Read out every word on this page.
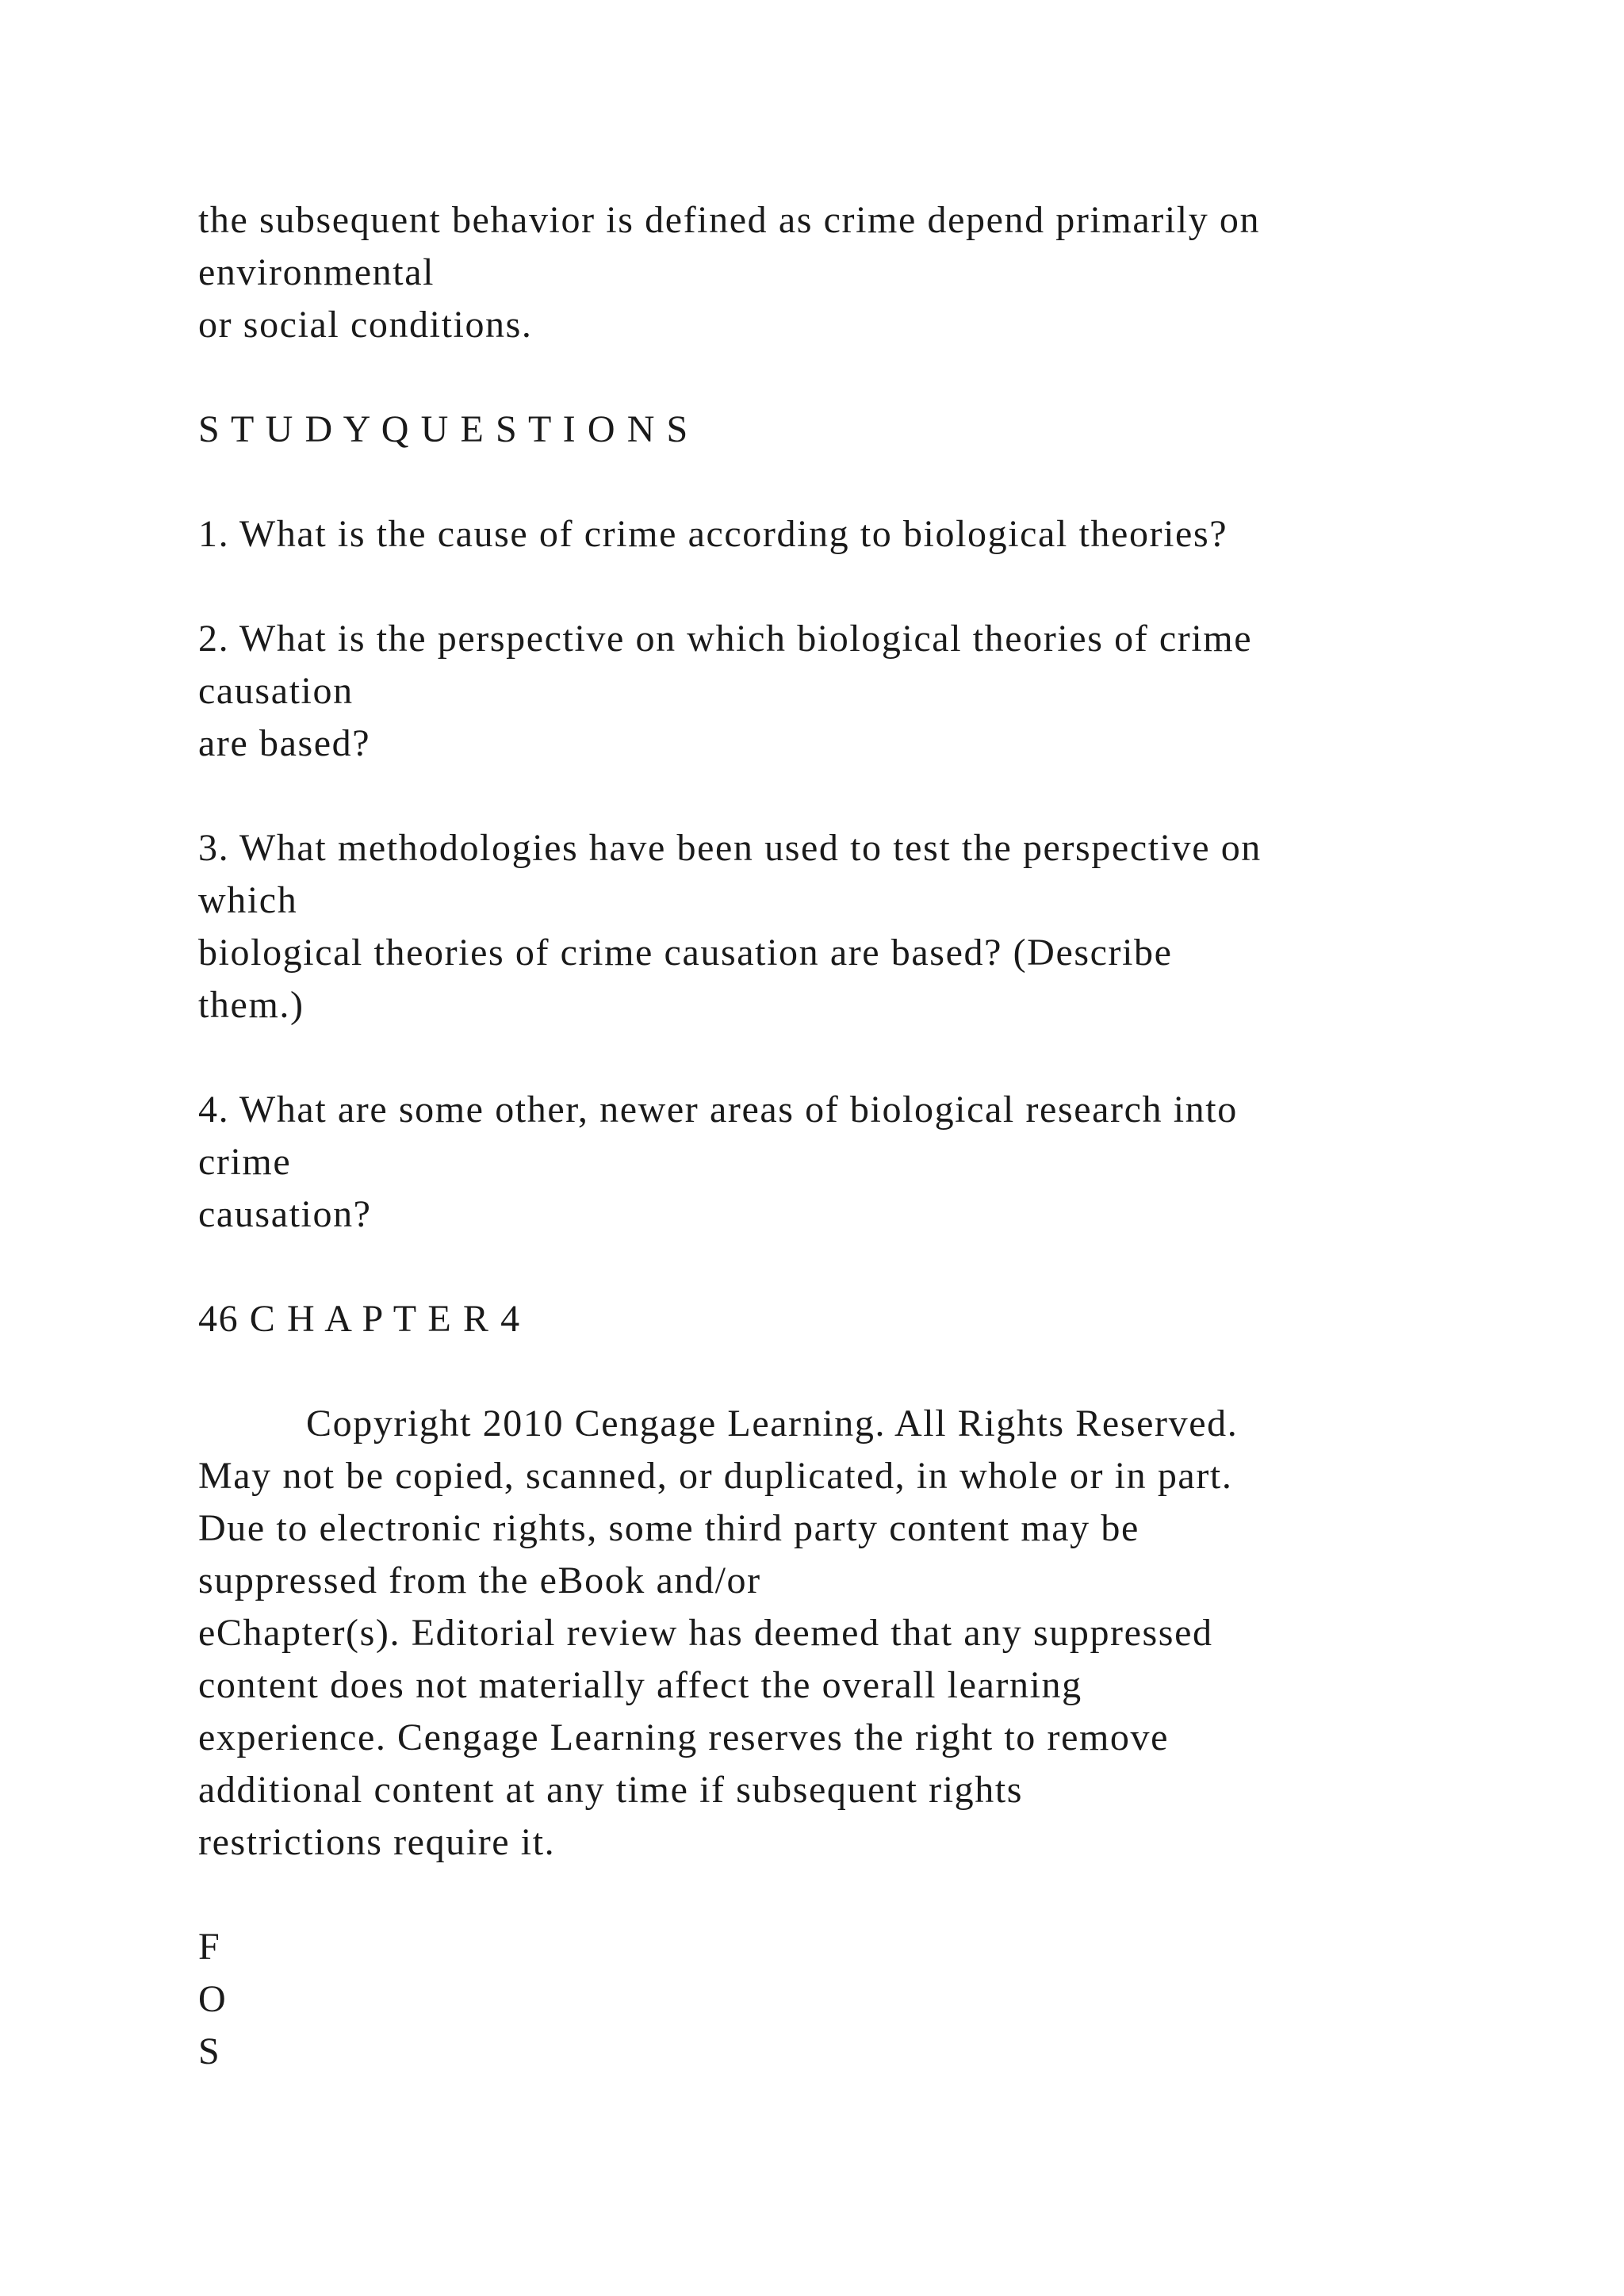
the subsequent behavior is defined as crime depend primarily on
environmental
or social conditions.
S T U D Y Q U E S T I O N S
1. What is the cause of crime according to biological theories?
2. What is the perspective on which biological theories of crime
causation
are based?
3. What methodologies have been used to test the perspective on
which
biological theories of crime causation are based? (Describe
them.)
4. What are some other, newer areas of biological research into
crime
causation?
46 C H A P T E R 4
Copyright 2010 Cengage Learning. All Rights Reserved.
May not be copied, scanned, or duplicated, in whole or in part.
Due to electronic rights, some third party content may be
suppressed from the eBook and/or
eChapter(s). Editorial review has deemed that any suppressed
content does not materially affect the overall learning
experience. Cengage Learning reserves the right to remove
additional content at any time if subsequent rights
restrictions require it.
F
O
S
